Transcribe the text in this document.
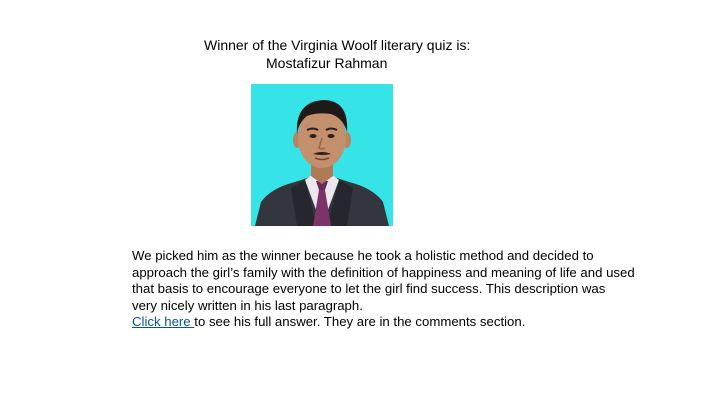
Winner of the Virginia Woolf literary quiz is:
Mostafizur Rahman
We picked him as the winner because he took a holistic method and decided to
approach the girl’s family with the definition of happiness and meaning of life and used
that basis to encourage everyone to let the girl find success. This description was
very nicely written in his last paragraph.
Click here to see his full answer. They are in the comments section.
